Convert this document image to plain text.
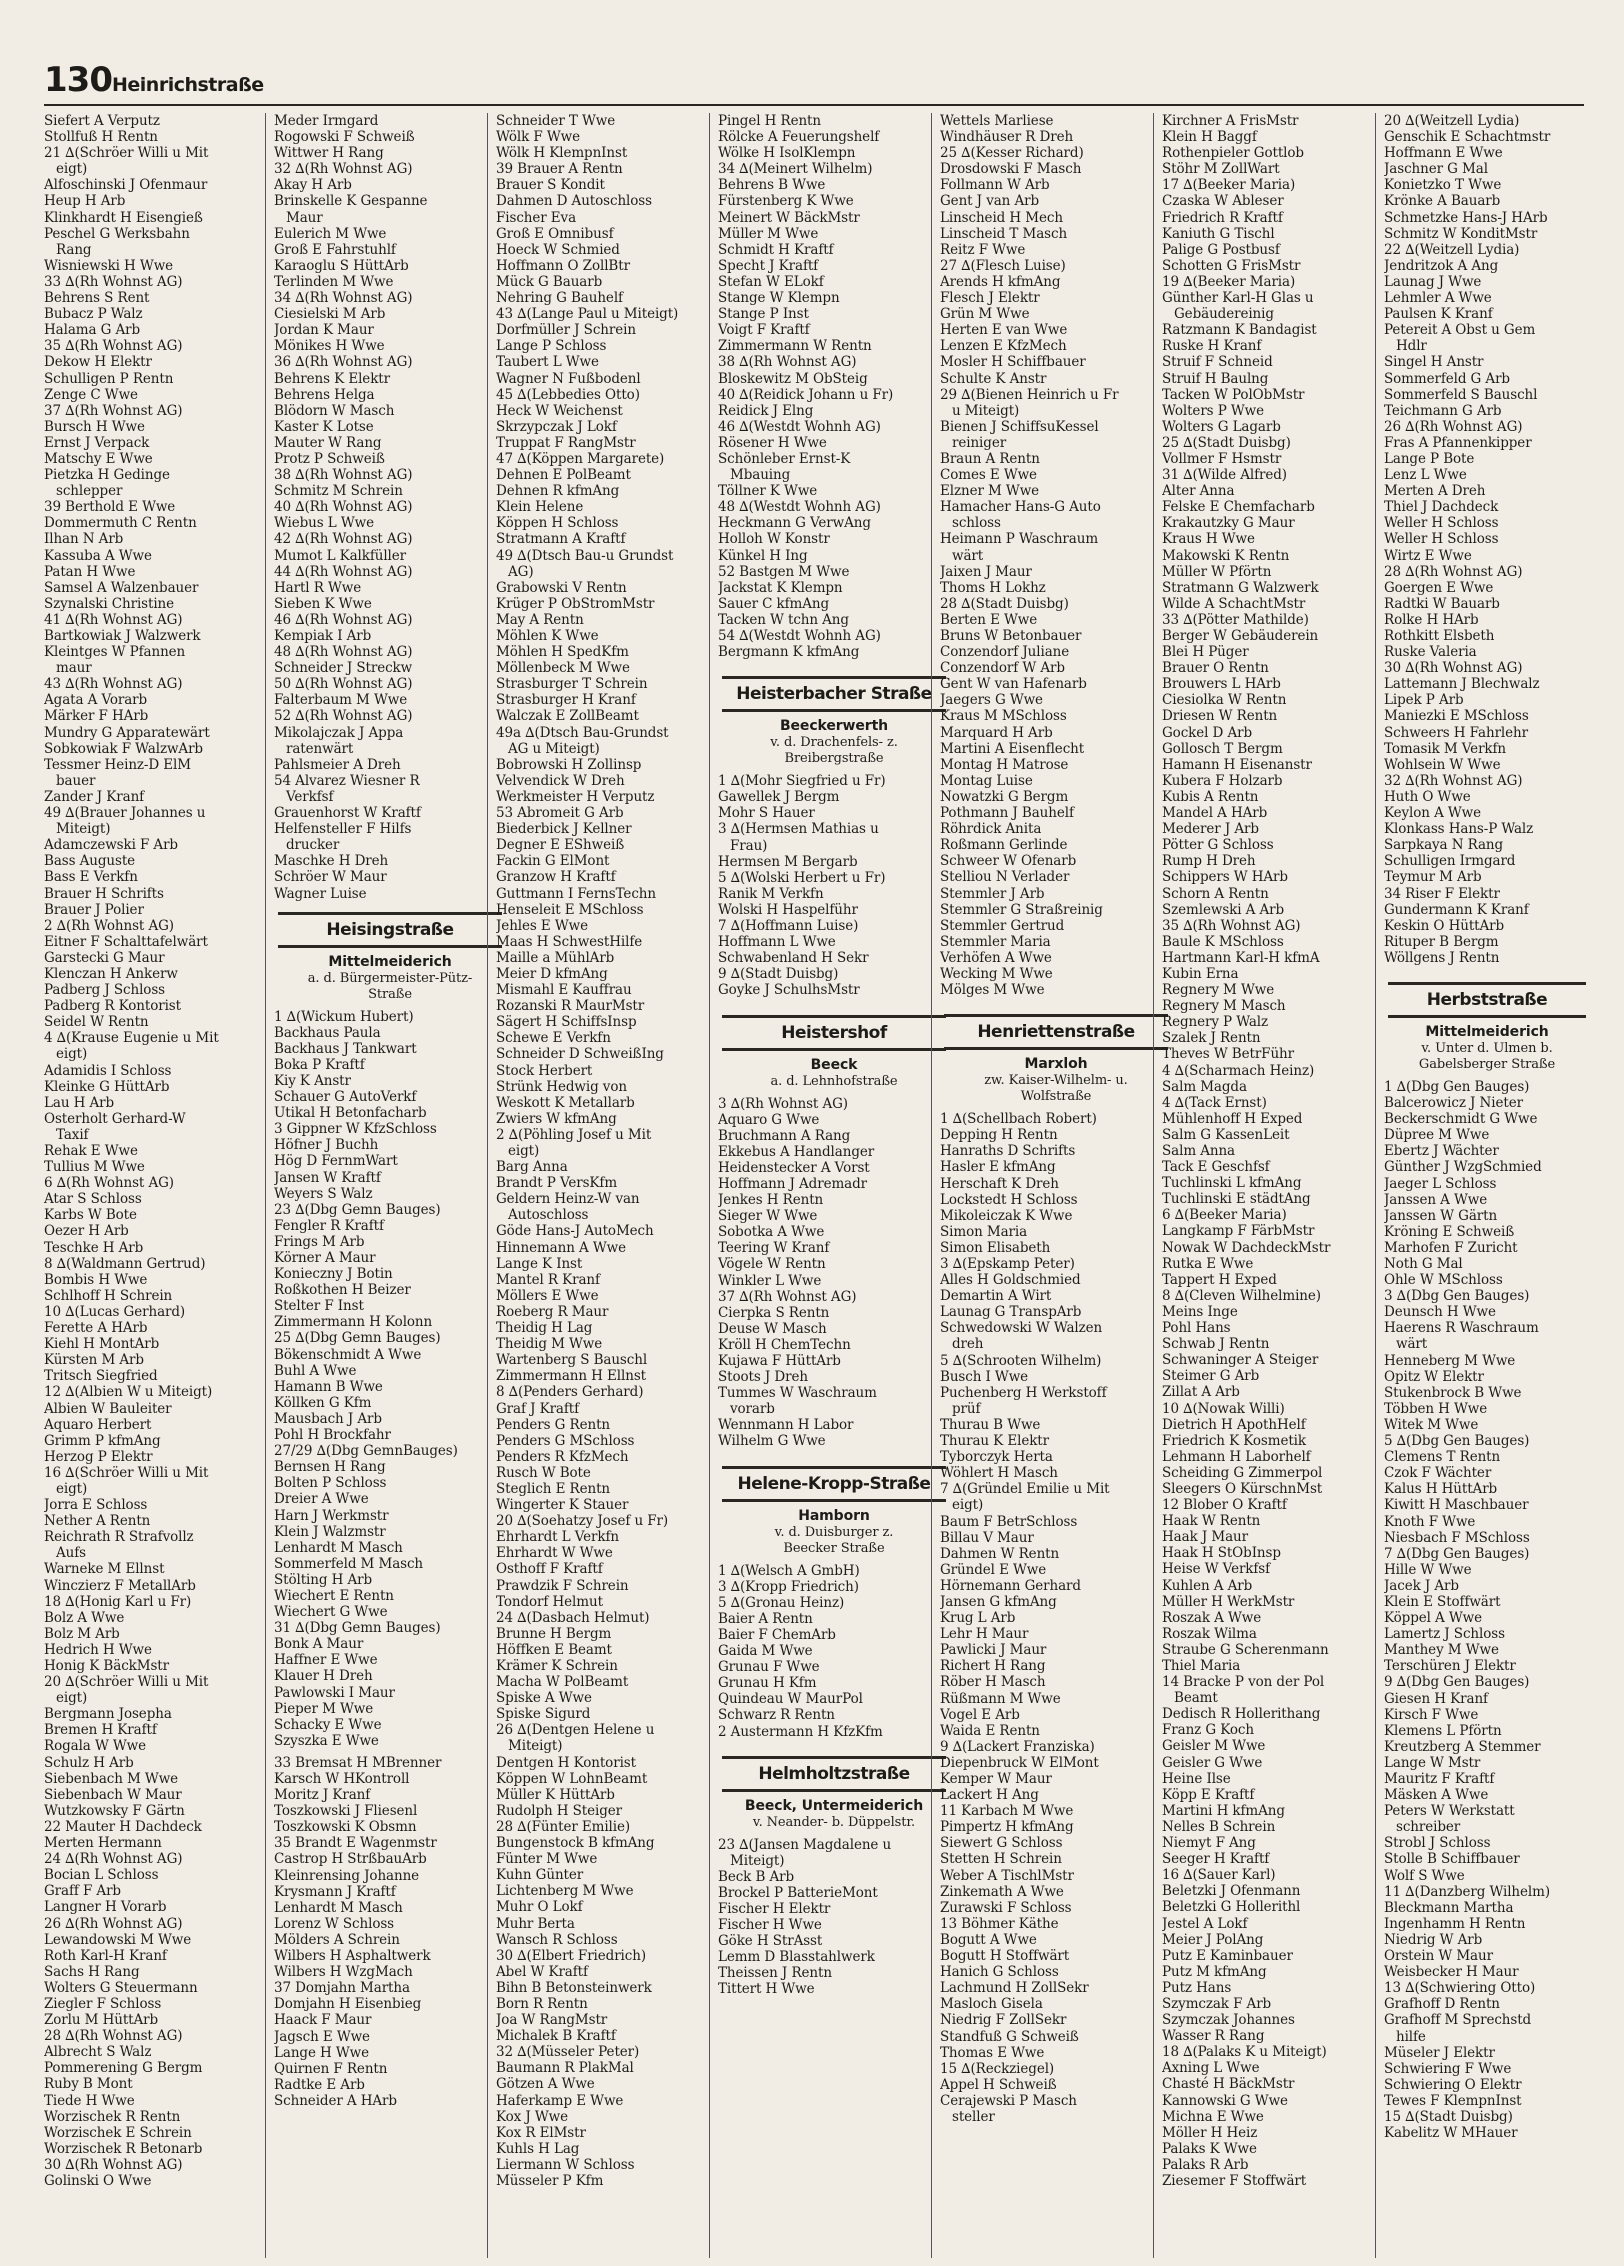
130 Heinrichstraße
Siefert A Verputz
Stollfuß H Rentn
21 ∆(Schröer Willi u Mit
eigt)
Alfoschinski J Ofenmaur
Heup H Arb
Klinkhardt H Eisengieß
Peschel G Werksbahn
Rang
Wisniewski H Wwe
33 ∆(Rh Wohnst AG)
Behrens S Rent
Bubacz P Walz
Halama G Arb
35 ∆(Rh Wohnst AG)
Dekow H Elektr
Schulligen P Rentn
Zenge C Wwe
37 ∆(Rh Wohnst AG)
Bursch H Wwe
Ernst J Verpack
Matschy E Wwe
Pietzka H Gedinge
schlepper
39 Berthold E Wwe
Dommermuth C Rentn
Ilhan N Arb
Kassuba A Wwe
Patan H Wwe
Samsel A Walzenbauer
Szynalski Christine
41 ∆(Rh Wohnst AG)
Bartkowiak J Walzwerk
Kleintges W Pfannen
maur
43 ∆(Rh Wohnst AG)
Agata A Vorarb
Märker F HArb
Mundry G Apparatewärt
Sobkowiak F WalzwArb
Tessmer Heinz-D ElM
bauer
Zander J Kranf
49 ∆(Brauer Johannes u
Miteigt)
Adamczewski F Arb
Bass Auguste
Bass E Verkfn
Brauer H Schrifts
Brauer J Polier
2 ∆(Rh Wohnst AG)
Eitner F Schalttafelwärt
Garstecki G Maur
Klenczan H Ankerw
Padberg J Schloss
Padberg R Kontorist
Seidel W Rentn
4 ∆(Krause Eugenie u Mit
eigt)
Adamidis I Schloss
Kleinke G HüttArb
Lau H Arb
Osterholt Gerhard-W
Taxif
Rehak E Wwe
Tullius M Wwe
6 ∆(Rh Wohnst AG)
Atar S Schloss
Karbs W Bote
Oezer H Arb
Teschke H Arb
8 ∆(Waldmann Gertrud)
Bombis H Wwe
Schlhoff H Schrein
10 ∆(Lucas Gerhard)
Ferette A HArb
Kiehl H MontArb
Kürsten M Arb
Tritsch Siegfried
12 ∆(Albien W u Miteigt)
Albien W Bauleiter
Aquaro Herbert
Grimm P kfmAng
Herzog P Elektr
16 ∆(Schröer Willi u Mit
eigt)
Jorra E Schloss
Nether A Rentn
Reichrath R Strafvollz
Aufs
Warneke M Ellnst
Winczierz F MetallArb
18 ∆(Honig Karl u Fr)
Bolz A Wwe
Bolz M Arb
Hedrich H Wwe
Honig K BäckMstr
20 ∆(Schröer Willi u Mit
eigt)
Bergmann Josepha
Bremen H Kraftf
Rogala W Wwe
Schulz H Arb
Siebenbach M Wwe
Siebenbach W Maur
Wutzkowsky F Gärtn
22 Mauter H Dachdeck
Merten Hermann
24 ∆(Rh Wohnst AG)
Bocian L Schloss
Graff F Arb
Langner H Vorarb
26 ∆(Rh Wohnst AG)
Lewandowski M Wwe
Roth Karl-H Kranf
Sachs H Rang
Wolters G Steuermann
Ziegler F Schloss
Zorlu M HüttArb
28 ∆(Rh Wohnst AG)
Albrecht S Walz
Pommerening G Bergm
Ruby B Mont
Tiede H Wwe
Worzischek R Rentn
Worzischek E Schrein
Worzischek R Betonarb
30 ∆(Rh Wohnst AG)
Golinski O Wwe
Meder Irmgard
Rogowski F Schweiß
Wittwer H Rang
32 ∆(Rh Wohnst AG)
Akay H Arb
Brinskelle K Gespanne
Maur
Eulerich M Wwe
Groß E Fahrstuhlf
Karaoglu S HüttArb
Terlinden M Wwe
34 ∆(Rh Wohnst AG)
Ciesielski M Arb
Jordan K Maur
Mönikes H Wwe
36 ∆(Rh Wohnst AG)
Behrens K Elektr
Behrens Helga
Blödorn W Masch
Kaster K Lotse
Mauter W Rang
Protz P Schweiß
38 ∆(Rh Wohnst AG)
Schmitz M Schrein
40 ∆(Rh Wohnst AG)
Wiebus L Wwe
42 ∆(Rh Wohnst AG)
Mumot L Kalkfüller
44 ∆(Rh Wohnst AG)
Hartl R Wwe
Sieben K Wwe
46 ∆(Rh Wohnst AG)
Kempiak I Arb
48 ∆(Rh Wohnst AG)
Schneider J Streckw
50 ∆(Rh Wohnst AG)
Falterbaum M Wwe
52 ∆(Rh Wohnst AG)
Mikolajczak J Appa
ratenwärt
Pahlsmeier A Dreh
54 Alvarez Wiesner R
Verkfsf
Grauenhorst W Kraftf
Helfensteller F Hilfs
drucker
Maschke H Dreh
Schröer W Maur
Wagner Luise
Heisingstraße
Mittelmeiderich
a. d. Bürgermeister-Pütz-
Straße
1 ∆(Wickum Hubert)
Backhaus Paula
Backhaus J Tankwart
Boka P Kraftf
Kiy K Anstr
Schauer G AutoVerkf
Utikal H Betonfacharb
3 Gippner W KfzSchloss
Höfner J Buchh
Hög D FernmWart
Jansen W Kraftf
Weyers S Walz
23 ∆(Dbg Gemn Bauges)
Fengler R Kraftf
Frings M Arb
Körner A Maur
Konieczny J Botin
Roßkothen H Beizer
Stelter F Inst
Zimmermann H Kolonn
25 ∆(Dbg Gemn Bauges)
Bökenschmidt A Wwe
Buhl A Wwe
Hamann B Wwe
Köllken G Kfm
Mausbach J Arb
Pohl H Brockfahr
27/29 ∆(Dbg GemnBauges)
Bernsen H Rang
Bolten P Schloss
Dreier A Wwe
Harn J Werkmstr
Klein J Walzmstr
Lenhardt M Masch
Sommerfeld M Masch
Stölting H Arb
Wiechert E Rentn
Wiechert G Wwe
31 ∆(Dbg Gemn Bauges)
Bonk A Maur
Haffner E Wwe
Klauer H Dreh
Pawlowski I Maur
Pieper M Wwe
Schacky E Wwe
Szyszka E Wwe
33 Bremsat H MBrenner
Karsch W HKontroll
Moritz J Kranf
Toszkowski J Fliesenl
Toszkowski K Obsmn
35 Brandt E Wagenmstr
Castrop H StrßbauArb
Kleinrensing Johanne
Krysmann J Kraftf
Lenhardt M Masch
Lorenz W Schloss
Mölders A Schrein
Wilbers H Asphaltwerk
Wilbers H WzgMach
37 Domjahn Martha
Domjahn H Eisenbieg
Haack F Maur
Jagsch E Wwe
Lange H Wwe
Quirnen F Rentn
Radtke E Arb
Schneider A HArb
Schneider T Wwe
Wölk F Wwe
Wölk H KlempnInst
39 Brauer A Rentn
Brauer S Kondit
Dahmen D Autoschloss
Fischer Eva
Groß E Omnibusf
Hoeck W Schmied
Hoffmann O ZollBtr
Mück G Bauarb
Nehring G Bauhelf
43 ∆(Lange Paul u Miteigt)
Dorfmüller J Schrein
Lange P Schloss
Taubert L Wwe
Wagner N Fußbodenl
45 ∆(Lebbedies Otto)
Heck W Weichenst
Skrzypczak J Lokf
Truppat F RangMstr
47 ∆(Köppen Margarete)
Dehnen E PolBeamt
Dehnen R kfmAng
Klein Helene
Köppen H Schloss
Stratmann A Kraftf
49 ∆(Dtsch Bau-u Grundst
AG)
Grabowski V Rentn
Krüger P ObStromMstr
May A Rentn
Möhlen K Wwe
Möhlen H SpedKfm
Möllenbeck M Wwe
Strasburger T Schrein
Strasburger H Kranf
Walczak E ZollBeamt
49a ∆(Dtsch Bau-Grundst
AG u Miteigt)
Bobrowski H Zollinsp
Velvendick W Dreh
Werkmeister H Verputz
53 Abromeit G Arb
Biederbick J Kellner
Degner E EShweiß
Fackin G ElMont
Granzow H Kraftf
Guttmann I FernsTechn
Henseleit E MSchloss
Jehles E Wwe
Maas H SchwestHilfe
Maille a MühlArb
Meier D kfmAng
Mismahl E Kauffrau
Rozanski R MaurMstr
Sägert H SchiffsInsp
Schewe E Verkfn
Schneider D SchweißIng
Stock Herbert
Strünk Hedwig von
Weskott K Metallarb
Zwiers W kfmAng
2 ∆(Pöhling Josef u Mit
eigt)
Barg Anna
Brandt P VersKfm
Geldern Heinz-W van
Autoschloss
Göde Hans-J AutoMech
Hinnemann A Wwe
Lange K Inst
Mantel R Kranf
Möllers E Wwe
Roeberg R Maur
Theidig H Lag
Theidig M Wwe
Wartenberg S Bauschl
Zimmermann H Ellnst
8 ∆(Penders Gerhard)
Graf J Kraftf
Penders G Rentn
Penders G MSchloss
Penders R KfzMech
Rusch W Bote
Steglich E Rentn
Wingerter K Stauer
20 ∆(Soehatzy Josef u Fr)
Ehrhardt L Verkfn
Ehrhardt W Wwe
Osthoff F Kraftf
Prawdzik F Schrein
Tondorf Helmut
24 ∆(Dasbach Helmut)
Brunne H Bergm
Höffken E Beamt
Krämer K Schrein
Macha W PolBeamt
Spiske A Wwe
Spiske Sigurd
26 ∆(Dentgen Helene u
Miteigt)
Dentgen H Kontorist
Köppen W LohnBeamt
Müller K HüttArb
Rudolph H Steiger
28 ∆(Fünter Emilie)
Bungenstock B kfmAng
Fünter M Wwe
Kuhn Günter
Lichtenberg M Wwe
Muhr O Lokf
Muhr Berta
Wansch R Schloss
30 ∆(Elbert Friedrich)
Abel W Kraftf
Bihn B Betonsteinwerk
Born R Rentn
Joa W RangMstr
Michalek B Kraftf
32 ∆(Müsseler Peter)
Baumann R PlakMal
Götzen A Wwe
Haferkamp E Wwe
Kox J Wwe
Kox R ElMstr
Kuhls H Lag
Liermann W Schloss
Müsseler P Kfm
Pingel H Rentn
Rölcke A Feuerungshelf
Wölke H IsolKlempn
34 ∆(Meinert Wilhelm)
Behrens B Wwe
Fürstenberg K Wwe
Meinert W BäckMstr
Müller M Wwe
Schmidt H Kraftf
Specht J Kraftf
Stefan W ELokf
Stange W Klempn
Stange P Inst
Voigt F Kraftf
Zimmermann W Rentn
38 ∆(Rh Wohnst AG)
Bloskewitz M ObSteig
40 ∆(Reidick Johann u Fr)
Reidick J Elng
46 ∆(Westdt Wohnh AG)
Rösener H Wwe
Schönleber Ernst-K
Mbauing
Töllner K Wwe
48 ∆(Westdt Wohnh AG)
Heckmann G VerwAng
Holloh W Konstr
Künkel H Ing
52 Bastgen M Wwe
Jackstat K Klempn
Sauer C kfmAng
Tacken W tchn Ang
54 ∆(Westdt Wohnh AG)
Bergmann K kfmAng
Heisterbacher Straße
Beeckerwerth
v. d. Drachenfels- z.
Breibergstraße
1 ∆(Mohr Siegfried u Fr)
Gawellek J Bergm
Mohr S Hauer
3 ∆(Hermsen Mathias u
Frau)
Hermsen M Bergarb
5 ∆(Wolski Herbert u Fr)
Ranik M Verkfn
Wolski H Haspelführ
7 ∆(Hoffmann Luise)
Hoffmann L Wwe
Schwabenland H Sekr
9 ∆(Stadt Duisbg)
Goyke J SchulhsMstr
Heistershof
Beeck
a. d. Lehnhofstraße
3 ∆(Rh Wohnst AG)
Aquaro G Wwe
Bruchmann A Rang
Ekkebus A Handlanger
Heidenstecker A Vorst
Hoffmann J Adremadr
Jenkes H Rentn
Sieger W Wwe
Sobotka A Wwe
Teering W Kranf
Vögele W Rentn
Winkler L Wwe
37 ∆(Rh Wohnst AG)
Cierpka S Rentn
Deuse W Masch
Kröll H ChemTechn
Kujawa F HüttArb
Stoots J Dreh
Tummes W Waschraum
vorarb
Wennmann H Labor
Wilhelm G Wwe
Helene-Kropp-Straße
Hamborn
v. d. Duisburger z.
Beecker Straße
1 ∆(Welsch A GmbH)
3 ∆(Kropp Friedrich)
5 ∆(Gronau Heinz)
Baier A Rentn
Baier F ChemArb
Gaida M Wwe
Grunau F Wwe
Grunau H Kfm
Quindeau W MaurPol
Schwarz R Rentn
2 Austermann H KfzKfm
Helmholtzstraße
Beeck, Untermeiderich
v. Neander- b. Düppelstr.
23 ∆(Jansen Magdalene u
Miteigt)
Beck B Arb
Brockel P BatterieMont
Fischer H Elektr
Fischer H Wwe
Göke H StrAsst
Lemm D Blasstahlwerk
Theissen J Rentn
Tittert H Wwe
Wettels Marliese
Windhäuser R Dreh
25 ∆(Kesser Richard)
Drosdowski F Masch
Follmann W Arb
Gent J van Arb
Linscheid H Mech
Linscheid T Masch
Reitz F Wwe
27 ∆(Flesch Luise)
Arends H kfmAng
Flesch J Elektr
Grün M Wwe
Herten E van Wwe
Lenzen E KfzMech
Mosler H Schiffbauer
Schulte K Anstr
29 ∆(Bienen Heinrich u Fr
u Miteigt)
Bienen J SchiffsuKessel
reiniger
Braun A Rentn
Comes E Wwe
Elzner M Wwe
Hamacher Hans-G Auto
schloss
Heimann P Waschraum
wärt
Jaixen J Maur
Thoms H Lokhz
28 ∆(Stadt Duisbg)
Berten E Wwe
Bruns W Betonbauer
Conzendorf Juliane
Conzendorf W Arb
Gent W van Hafenarb
Jaegers G Wwe
Kraus M MSchloss
Marquard H Arb
Martini A Eisenflecht
Montag H Matrose
Montag Luise
Nowatzki G Bergm
Pothmann J Bauhelf
Röhrdick Anita
Roßmann Gerlinde
Schweer W Ofenarb
Stelliou N Verlader
Stemmler J Arb
Stemmler G Straßreinig
Stemmler Gertrud
Stemmler Maria
Verhöfen A Wwe
Wecking M Wwe
Mölges M Wwe
Henriettenstraße
Marxloh
zw. Kaiser-Wilhelm- u.
Wolfstraße
1 ∆(Schellbach Robert)
Depping H Rentn
Hanraths D Schrifts
Hasler E kfmAng
Herschaft K Dreh
Lockstedt H Schloss
Mikoleiczak K Wwe
Simon Maria
Simon Elisabeth
3 ∆(Epskamp Peter)
Alles H Goldschmied
Demartin A Wirt
Launag G TranspArb
Schwedowski W Walzen
dreh
5 ∆(Schrooten Wilhelm)
Busch I Wwe
Puchenberg H Werkstoff
prüf
Thurau B Wwe
Thurau K Elektr
Tyborczyk Herta
Wöhlert H Masch
7 ∆(Gründel Emilie u Mit
eigt)
Baum F BetrSchloss
Billau V Maur
Dahmen W Rentn
Gründel E Wwe
Hörnemann Gerhard
Jansen G kfmAng
Krug L Arb
Lehr H Maur
Pawlicki J Maur
Richert H Rang
Röber H Masch
Rüßmann M Wwe
Vogel E Arb
Waida E Rentn
9 ∆(Lackert Franziska)
Diepenbruck W ElMont
Kemper W Maur
Lackert H Ang
11 Karbach M Wwe
Pimpertz H kfmAng
Siewert G Schloss
Stetten H Schrein
Weber A TischlMstr
Zinkemath A Wwe
Zurawski F Schloss
13 Böhmer Käthe
Bogutt A Wwe
Bogutt H Stoffwärt
Hanich G Schloss
Lachmund H ZollSekr
Masloch Gisela
Niedrig F ZollSekr
Standfuß G Schweiß
Thomas E Wwe
15 ∆(Reckziegel)
Appel H Schweiß
Cerajewski P Masch
steller
Kirchner A FrisMstr
Klein H Baggf
Rothenpieler Gottlob
Stöhr M ZollWart
17 ∆(Beeker Maria)
Czaska W Ableser
Friedrich R Kraftf
Kaniuth G Tischl
Palige G Postbusf
Schotten G FrisMstr
19 ∆(Beeker Maria)
Günther Karl-H Glas u
Gebäudereinig
Ratzmann K Bandagist
Ruske H Kranf
Struif F Schneid
Struif H Baulng
Tacken W PolObMstr
Wolters P Wwe
Wolters G Lagarb
25 ∆(Stadt Duisbg)
Vollmer F Hsmstr
31 ∆(Wilde Alfred)
Alter Anna
Felske E Chemfacharb
Krakautzky G Maur
Kraus H Wwe
Makowski K Rentn
Müller W Pförtn
Stratmann G Walzwerk
Wilde A SchachtMstr
33 ∆(Pötter Mathilde)
Berger W Gebäuderein
Blei H Püger
Brauer O Rentn
Brouwers L HArb
Ciesiolka W Rentn
Driesen W Rentn
Gockel D Arb
Gollosch T Bergm
Hamann H Eisenanstr
Kubera F Holzarb
Kubis A Rentn
Mandel A HArb
Mederer J Arb
Pötter G Schloss
Rump H Dreh
Schippers W HArb
Schorn A Rentn
Szemlewski A Arb
35 ∆(Rh Wohnst AG)
Baule K MSchloss
Hartmann Karl-H kfmA
Kubin Erna
Regnery M Wwe
Regnery M Masch
Regnery P Walz
Szalek J Rentn
Theves W BetrFühr
4 ∆(Scharmach Heinz)
Salm Magda
4 ∆(Tack Ernst)
Mühlenhoff H Exped
Salm G KassenLeit
Salm Anna
Tack E Geschfsf
Tuchlinski L kfmAng
Tuchlinski E städtAng
6 ∆(Beeker Maria)
Langkamp F FärbMstr
Nowak W DachdeckMstr
Rutka E Wwe
Tappert H Exped
8 ∆(Cleven Wilhelmine)
Meins Inge
Pohl Hans
Schwab J Rentn
Schwaninger A Steiger
Steimer G Arb
Zillat A Arb
10 ∆(Nowak Willi)
Dietrich H ApothHelf
Friedrich K Kosmetik
Lehmann H Laborhelf
Scheiding G Zimmerpol
Sleegers O KürschnMst
12 Blober O Kraftf
Haak W Rentn
Haak J Maur
Haak H StObInsp
Heise W Verkfsf
Kuhlen A Arb
Müller H WerkMstr
Roszak A Wwe
Roszak Wilma
Straube G Scherenmann
Thiel Maria
14 Bracke P von der Pol
Beamt
Dedisch R Hollerithang
Franz G Koch
Geisler M Wwe
Geisler G Wwe
Heine Ilse
Köpp E Kraftf
Martini H kfmAng
Nelles B Schrein
Niemyt F Ang
Seeger H Kraftf
16 ∆(Sauer Karl)
Beletzki J Ofenmann
Beletzki G Hollerithl
Jestel A Lokf
Meier J PolAng
Putz E Kaminbauer
Putz M kfmAng
Putz Hans
Szymczak F Arb
Szymczak Johannes
Wasser R Rang
18 ∆(Palaks K u Miteigt)
Axning L Wwe
Chasté H BäckMstr
Kannowski G Wwe
Michna E Wwe
Möller H Heiz
Palaks K Wwe
Palaks R Arb
Ziesemer F Stoffwärt
20 ∆(Weitzell Lydia)
Genschik E Schachtmstr
Hoffmann E Wwe
Jaschner G Mal
Konietzko T Wwe
Krönke A Bauarb
Schmetzke Hans-J HArb
Schmitz W KonditMstr
22 ∆(Weitzell Lydia)
Jendritzok A Ang
Launag J Wwe
Lehmler A Wwe
Paulsen K Kranf
Petereit A Obst u Gem
Hdlr
Singel H Anstr
Sommerfeld G Arb
Sommerfeld S Bauschl
Teichmann G Arb
26 ∆(Rh Wohnst AG)
Fras A Pfannenkipper
Lange P Bote
Lenz L Wwe
Merten A Dreh
Thiel J Dachdeck
Weller H Schloss
Weller H Schloss
Wirtz E Wwe
28 ∆(Rh Wohnst AG)
Goergen E Wwe
Radtki W Bauarb
Rolke H HArb
Rothkitt Elsbeth
Ruske Valeria
30 ∆(Rh Wohnst AG)
Lattemann J Blechwalz
Lipek P Arb
Maniezki E MSchloss
Schweers H Fahrlehr
Tomasik M Verkfn
Wohlsein W Wwe
32 ∆(Rh Wohnst AG)
Huth O Wwe
Keylon A Wwe
Klonkass Hans-P Walz
Sarpkaya N Rang
Schulligen Irmgard
Teymur M Arb
34 Riser F Elektr
Gundermann K Kranf
Keskin O HüttArb
Rituper B Bergm
Wöllgens J Rentn
Herbststraße
Mittelmeiderich
v. Unter d. Ulmen b.
Gabelsberger Straße
1 ∆(Dbg Gen Bauges)
Balcerowicz J Nieter
Beckerschmidt G Wwe
Düpree M Wwe
Ebertz J Wächter
Günther J WzgSchmied
Jaeger L Schloss
Janssen A Wwe
Janssen W Gärtn
Kröning E Schweiß
Marhofen F Zuricht
Noth G Mal
Ohle W MSchloss
3 ∆(Dbg Gen Bauges)
Deunsch H Wwe
Haerens R Waschraum
wärt
Henneberg M Wwe
Opitz W Elektr
Stukenbrock B Wwe
Többen H Wwe
Witek M Wwe
5 ∆(Dbg Gen Bauges)
Clemens T Rentn
Czok F Wächter
Kalus H HüttArb
Kiwitt H Maschbauer
Knoth F Wwe
Niesbach F MSchloss
7 ∆(Dbg Gen Bauges)
Hille W Wwe
Jacek J Arb
Klein E Stoffwärt
Köppel A Wwe
Lamertz J Schloss
Manthey M Wwe
Terschüren J Elektr
9 ∆(Dbg Gen Bauges)
Giesen H Kranf
Kirsch F Wwe
Klemens L Pförtn
Kreutzberg A Stemmer
Lange W Mstr
Mauritz F Kraftf
Mäsken A Wwe
Peters W Werkstatt
schreiber
Strobl J Schloss
Stolle B Schiffbauer
Wolf S Wwe
11 ∆(Danzberg Wilhelm)
Bleckmann Martha
Ingenhamm H Rentn
Niedrig W Arb
Orstein W Maur
Weisbecker H Maur
13 ∆(Schwiering Otto)
Grafhoff D Rentn
Grafhoff M Sprechstd
hilfe
Müseler J Elektr
Schwiering F Wwe
Schwiering O Elektr
Tewes F KlempnInst
15 ∆(Stadt Duisbg)
Kabelitz W MHauer
